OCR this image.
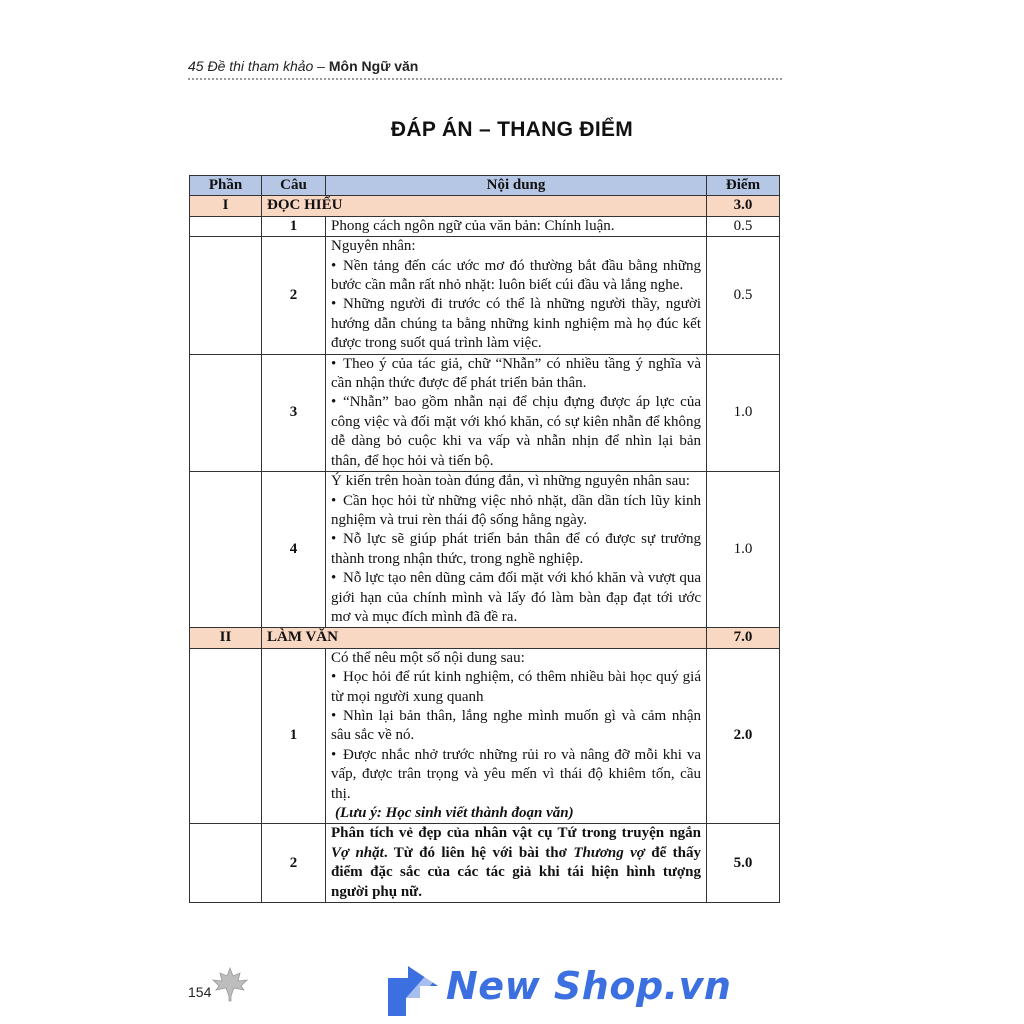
45 Đề thi tham khảo – Môn Ngữ văn
ĐÁP ÁN – THANG ĐIỂM
Phần	Câu	Nội dung	Điểm
I	ĐỌC HIỂU		3.0
	1	Phong cách ngôn ngữ của văn bản: Chính luận.	0.5
	2	Nguyên nhân:
• Nền tảng đến các ước mơ đó thường bắt đầu bằng những bước cần mẫn rất nhỏ nhặt: luôn biết cúi đầu và lắng nghe.
• Những người đi trước có thể là những người thầy, người hướng dẫn chúng ta bằng những kinh nghiệm mà họ đúc kết được trong suốt quá trình làm việc.	0.5
	3	• Theo ý của tác giả, chữ “Nhẫn” có nhiều tầng ý nghĩa và cần nhận thức được để phát triển bản thân.
• “Nhẫn” bao gồm nhẫn nại để chịu đựng được áp lực của công việc và đối mặt với khó khăn, có sự kiên nhẫn để không dễ dàng bỏ cuộc khi va vấp và nhẫn nhịn để nhìn lại bản thân, để học hỏi và tiến bộ.	1.0
	4	Ý kiến trên hoàn toàn đúng đắn, vì những nguyên nhân sau:
• Cần học hỏi từ những việc nhỏ nhặt, dần dần tích lũy kinh nghiệm và trui rèn thái độ sống hằng ngày.
• Nỗ lực sẽ giúp phát triển bản thân để có được sự trưởng thành trong nhận thức, trong nghề nghiệp.
• Nỗ lực tạo nên dũng cảm đối mặt với khó khăn và vượt qua giới hạn của chính mình và lấy đó làm bàn đạp đạt tới ước mơ và mục đích mình đã đề ra.	1.0
II	LÀM VĂN		7.0
	1	Có thể nêu một số nội dung sau:
• Học hỏi để rút kinh nghiệm, có thêm nhiều bài học quý giá từ mọi người xung quanh
• Nhìn lại bản thân, lắng nghe mình muốn gì và cảm nhận sâu sắc về nó.
• Được nhắc nhở trước những rủi ro và nâng đỡ mỗi khi va vấp, được trân trọng và yêu mến vì thái độ khiêm tốn, cầu thị.
(Lưu ý: Học sinh viết thành đoạn văn)	2.0
	2	Phân tích vẻ đẹp của nhân vật cụ Tứ trong truyện ngắn Vợ nhặt. Từ đó liên hệ với bài thơ Thương vợ để thấy điểm đặc sắc của các tác giả khi tái hiện hình tượng người phụ nữ.	5.0
154	New Shop.vn
